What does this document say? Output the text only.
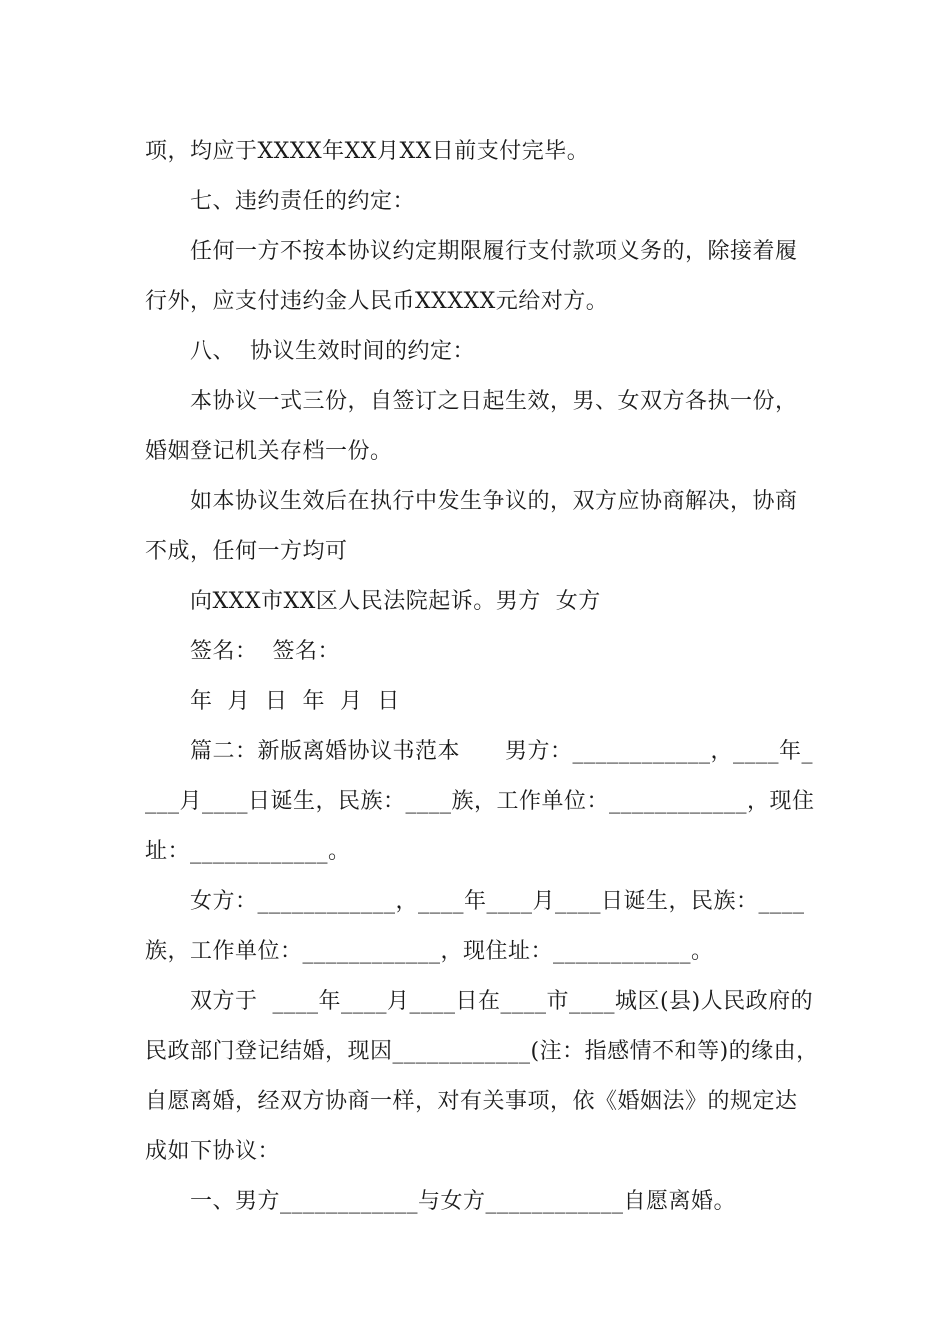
项，均应于XXXX年XX月XX日前支付完毕。
七、违约责任的约定：
任何一方不按本协议约定期限履行支付款项义务的，除接着履
行外，应支付违约金人民币XXXXX元给对方。
八、  协议生效时间的约定：
本协议一式三份，自签订之日起生效，男、女双方各执一份，
婚姻登记机关存档一份。
如本协议生效后在执行中发生争议的，双方应协商解决，协商
不成，任何一方均可
向XXX市XX区人民法院起诉。男方  女方
签名：  签名：
年  月  日  年  月  日
篇二：新版离婚协议书范本      男方：____________，____年_
___月____日诞生，民族：____族，工作单位：____________，现住
址：____________。
女方：____________，____年____月____日诞生，民族：____
族，工作单位：____________，现住址：____________。
双方于  ____年____月____日在____市____城区(县)人民政府的
民政部门登记结婚，现因____________(注：指感情不和等)的缘由，
自愿离婚，经双方协商一样，对有关事项，依《婚姻法》的规定达
成如下协议：
一、男方____________与女方____________自愿离婚。
